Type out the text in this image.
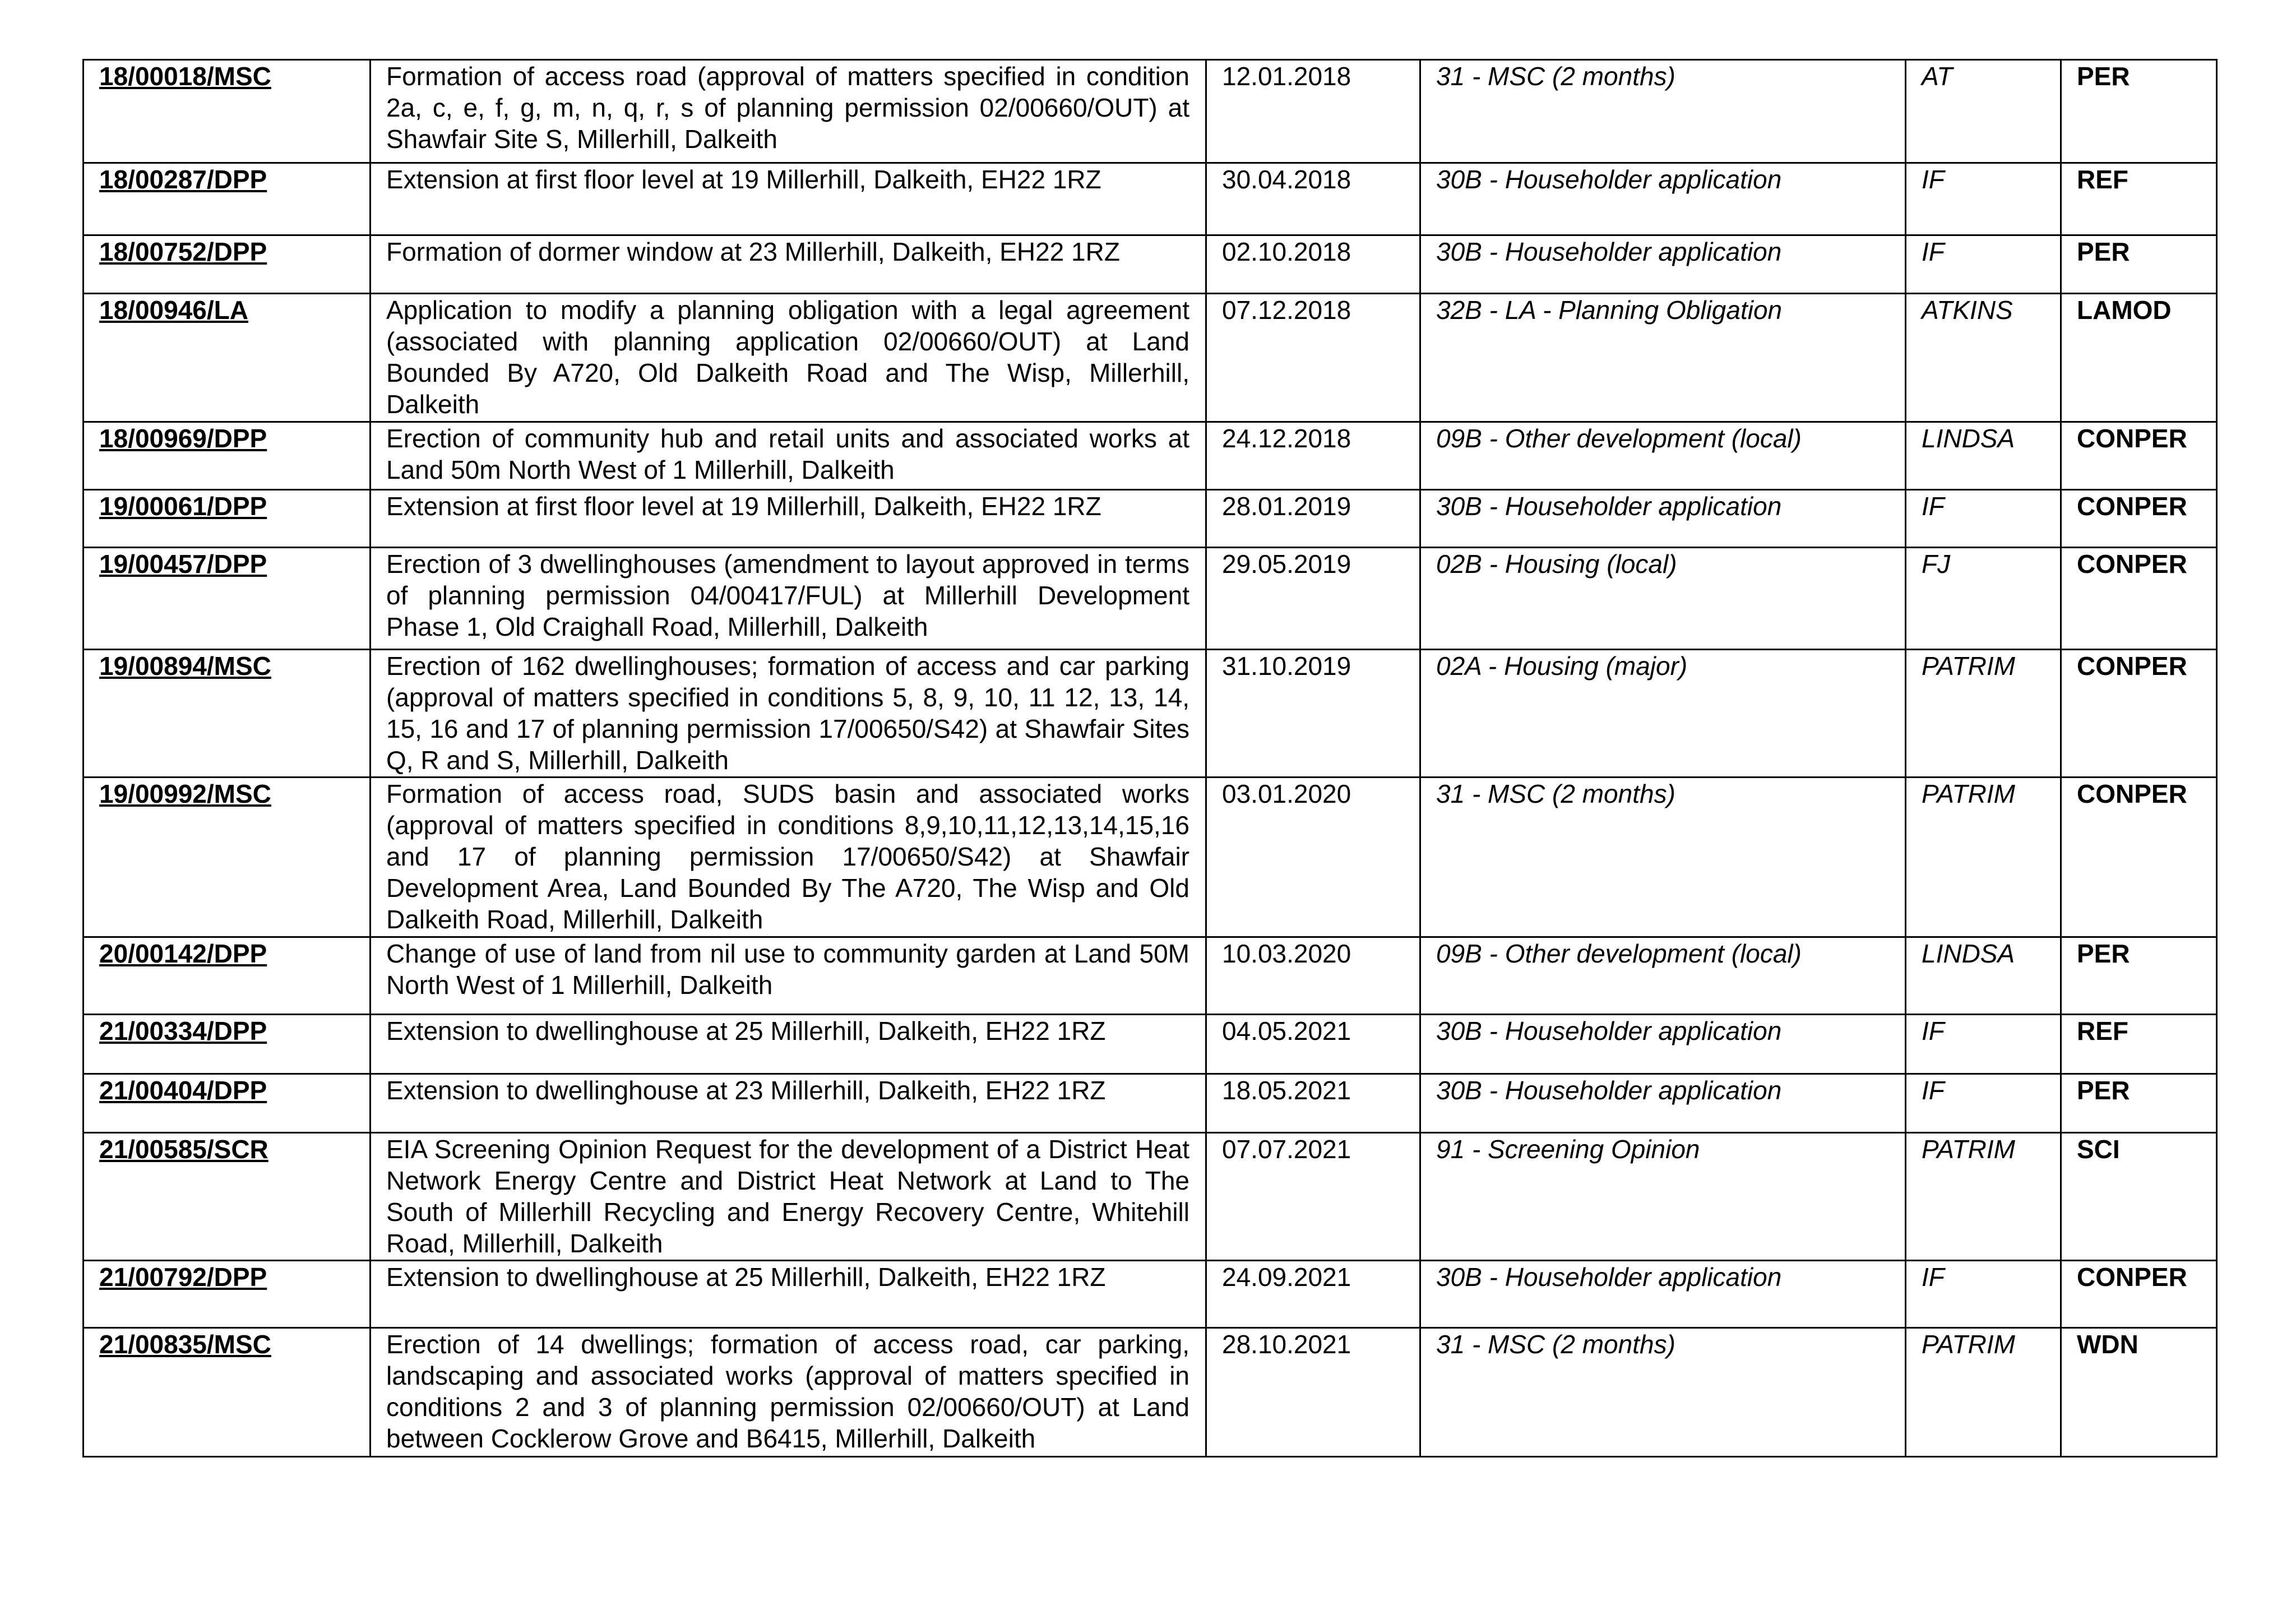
18/00018/MSC	Formation of access road (approval of matters specified in condition 2a, c, e, f, g, m, n, q, r, s of planning permission 02/00660/OUT) at Shawfair Site S, Millerhill, Dalkeith	12.01.2018	31 - MSC (2 months)	AT	PER
18/00287/DPP	Extension at first floor level at 19 Millerhill, Dalkeith, EH22 1RZ	30.04.2018	30B - Householder application	IF	REF
18/00752/DPP	Formation of dormer window at 23 Millerhill, Dalkeith, EH22 1RZ	02.10.2018	30B - Householder application	IF	PER
18/00946/LA	Application to modify a planning obligation with a legal agreement (associated with planning application 02/00660/OUT) at Land Bounded By A720, Old Dalkeith Road and The Wisp, Millerhill, Dalkeith	07.12.2018	32B - LA - Planning Obligation	ATKINS	LAMOD
18/00969/DPP	Erection of community hub and retail units and associated works at Land 50m North West of 1 Millerhill, Dalkeith	24.12.2018	09B - Other development (local)	LINDSA	CONPER
19/00061/DPP	Extension at first floor level at 19 Millerhill, Dalkeith, EH22 1RZ	28.01.2019	30B - Householder application	IF	CONPER
19/00457/DPP	Erection of 3 dwellinghouses (amendment to layout approved in terms of planning permission 04/00417/FUL) at Millerhill Development Phase 1, Old Craighall Road, Millerhill, Dalkeith	29.05.2019	02B - Housing (local)	FJ	CONPER
19/00894/MSC	Erection of 162 dwellinghouses; formation of access and car parking (approval of matters specified in conditions 5, 8, 9, 10, 11 12, 13, 14, 15, 16 and 17 of planning permission 17/00650/S42) at Shawfair Sites Q, R and S, Millerhill, Dalkeith	31.10.2019	02A - Housing (major)	PATRIM	CONPER
19/00992/MSC	Formation of access road, SUDS basin and associated works (approval of matters specified in conditions 8,9,10,11,12,13,14,15,16 and 17 of planning permission 17/00650/S42) at Shawfair Development Area, Land Bounded By The A720, The Wisp and Old Dalkeith Road, Millerhill, Dalkeith	03.01.2020	31 - MSC (2 months)	PATRIM	CONPER
20/00142/DPP	Change of use of land from nil use to community garden at Land 50M North West of 1 Millerhill, Dalkeith	10.03.2020	09B - Other development (local)	LINDSA	PER
21/00334/DPP	Extension to dwellinghouse at 25 Millerhill, Dalkeith, EH22 1RZ	04.05.2021	30B - Householder application	IF	REF
21/00404/DPP	Extension to dwellinghouse at 23 Millerhill, Dalkeith, EH22 1RZ	18.05.2021	30B - Householder application	IF	PER
21/00585/SCR	EIA Screening Opinion Request for the development of a District Heat Network Energy Centre and District Heat Network at Land to The South of Millerhill Recycling and Energy Recovery Centre, Whitehill Road, Millerhill, Dalkeith	07.07.2021	91 - Screening Opinion	PATRIM	SCI
21/00792/DPP	Extension to dwellinghouse at 25 Millerhill, Dalkeith, EH22 1RZ	24.09.2021	30B - Householder application	IF	CONPER
21/00835/MSC	Erection of 14 dwellings; formation of access road, car parking, landscaping and associated works (approval of matters specified in conditions 2 and 3 of planning permission 02/00660/OUT) at Land between Cocklerow Grove and B6415, Millerhill, Dalkeith	28.10.2021	31 - MSC (2 months)	PATRIM	WDN
